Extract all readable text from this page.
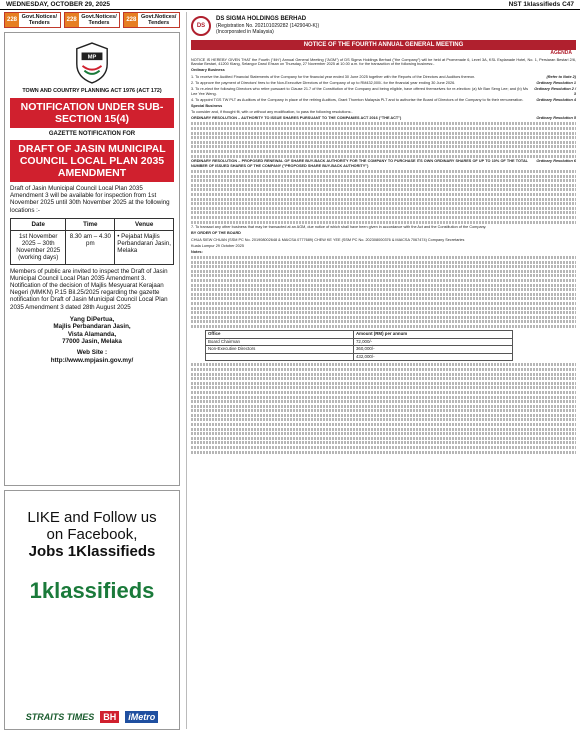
WEDNESDAY, OCTOBER 29, 2025	NST 1klassifieds C47
228 Govt.Notices/ Tenders	228 Govt.Notices/ Tenders	228 Govt.Notices/ Tenders
MP
TOWN AND COUNTRY PLANNING ACT 1976 (ACT 172)
NOTIFICATION UNDER SUB-SECTION 15(4)
GAZETTE NOTIFICATION FOR
DRAFT OF JASIN MUNICIPAL COUNCIL LOCAL PLAN 2035 AMENDMENT
Draft of Jasin Municipal Council Local Plan 2035 Amendment 3 will be available for inspection from 1st November 2025 until 30th November 2025 at the following locations :-
Date	Time	Venue
1st November 2025 – 30th November 2025 (working days)	8.30 am – 4.30 pm	• Pejabat Majlis Perbandaran Jasin, Melaka
Members of public are invited to inspect the Draft of Jasin Municipal Council Local Plan 2035 Amendment 3. Notification of the decision of Majlis Mesyuarat Kerajaan Negeri (MMKN) P.15 Bil.25/2025 regarding the gazette notification for Draft of Jasin Municipal Council Local Plan 2035 Amendment 3 dated 28th August 2025
Yang DiPertua,
Majlis Perbandaran Jasin,
Vista Alamanda,
77000 Jasin, Melaka
Web Site :
http://www.mpjasin.gov.my/
LIKE and Follow us
on Facebook,
Jobs 1Klassifieds
1klassifieds
STRAITS TIMES	BH	iMetro
DS
DS SIGMA HOLDINGS BERHAD
(Registration No. 202101029282 (1429040-K))
(Incorporated in Malaysia)
NOTICE OF THE FOURTH ANNUAL GENERAL MEETING
AGENDA

NOTICE IS HEREBY GIVEN THAT the Fourth ("4th") Annual General Meeting ("AGM") of DS Sigma Holdings Berhad ("the Company") will be held at Promenade 6, Level 3A, KSL Esplanade Hotel, No. 1, Persiaran Bestari 2/6, Bandar Bestari, 41200 Klang, Selangor Darul Ehsan on Thursday, 27 November 2025 at 10.00 a.m. for the transaction of the following business:-

Ordinary Business

(Refer to Note 2)
1. To receive the Audited Financial Statements of the Company for the financial year ended 30 June 2025 together with the Reports of the Directors and Auditors thereon.

Ordinary Resolution 1
2. To approve the payment of Directors' fees to the Non-Executive Directors of the Company of up to RM432,000/- for the financial year ending 30 June 2026.

Ordinary Resolution 2 / 3
3. To re-elect the following Directors who retire pursuant to Clause 21.7 of the Constitution of the Company and being eligible, have offered themselves for re-election: (a) Mr Ban Seng Lee; and (b) Ms Lee Yee Weng.

Ordinary Resolution 4
4. To appoint TGS TW PLT as Auditors of the Company in place of the retiring Auditors, Grant Thornton Malaysia PLT and to authorise the Board of Directors of the Company to fix their remuneration.

Special Business

To consider and, if thought fit, with or without any modification, to pass the following resolutions:-

Ordinary Resolution 5
ORDINARY RESOLUTION – AUTHORITY TO ISSUE SHARES PURSUANT TO THE COMPANIES ACT 2016 ("THE ACT")

Ordinary Resolution 6
ORDINARY RESOLUTION – PROPOSED RENEWAL OF SHARE BUY-BACK AUTHORITY FOR THE COMPANY TO PURCHASE ITS OWN ORDINARY SHARES OF UP TO 10% OF THE TOTAL NUMBER OF ISSUED SHARES OF THE COMPANY ("PROPOSED SHARE BUY-BACK AUTHORITY")

7. To transact any other business that may be transacted at an AGM, due notice of which shall have been given in accordance with the Act and the Constitution of the Company.

BY ORDER OF THE BOARD

CHUA SIEW CHUAN (SSM PC No. 201908002648 & MAICSA 0777689) CHEW KE YEE (SSM PC No. 202308000376 & MAICSA 7067474) Company Secretaries

Kuala Lumpur 29 October 2025

Notes:

Office	Amount (RM) per annum
Board Chairman	72,000/-
Non-Executive Directors	360,000/-
	432,000/-
